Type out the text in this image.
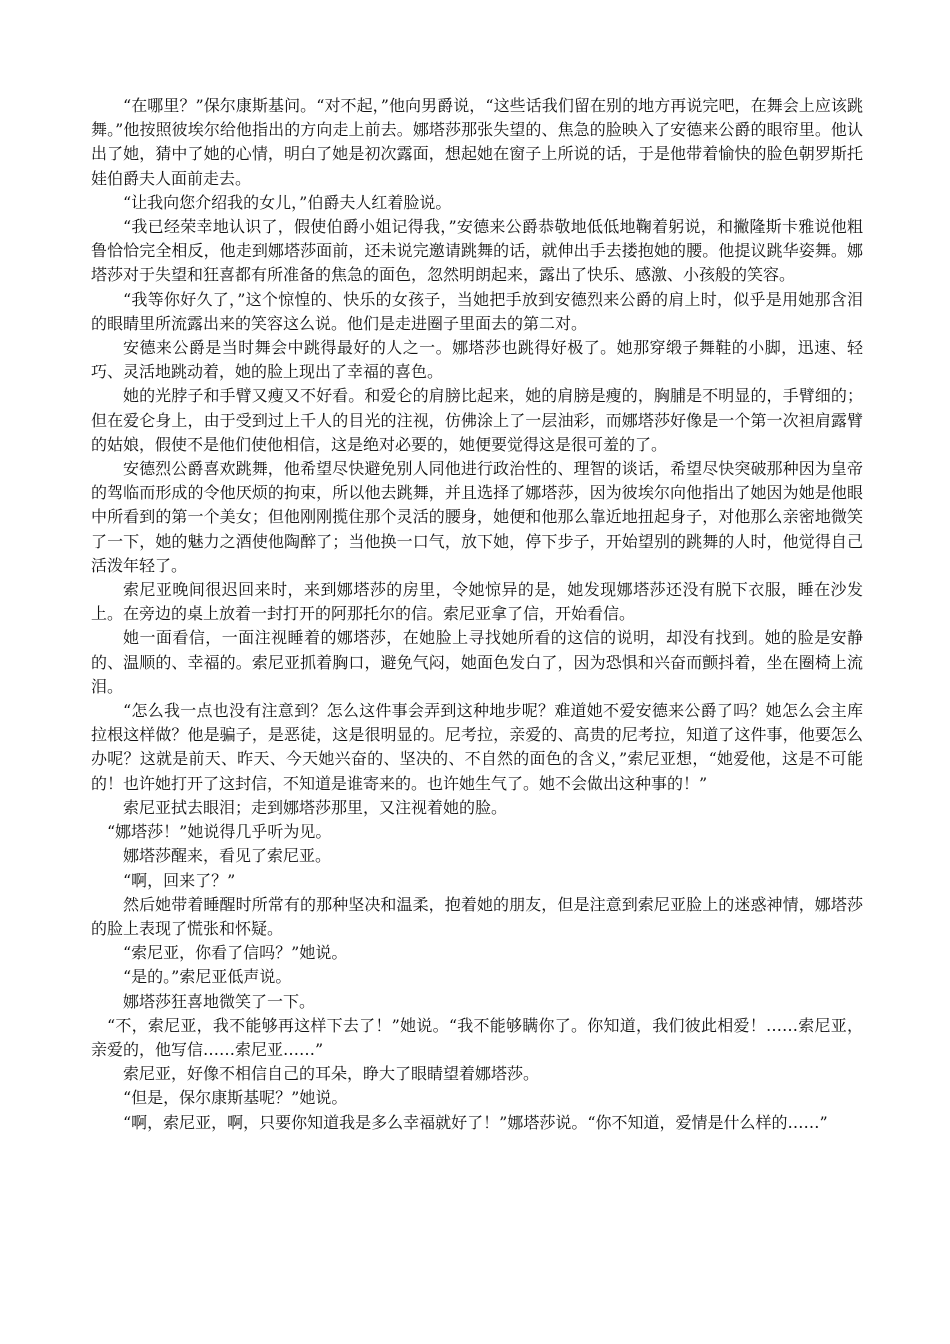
“在哪里？”保尔康斯基问。“对不起，”他向男爵说，“这些话我们留在别的地方再说完吧，在舞会上应该跳舞。”他按照彼埃尔给他指出的方向走上前去。娜塔莎那张失望的、焦急的脸映入了安德来公爵的眼帘里。他认出了她，猜中了她的心情，明白了她是初次露面，想起她在窗子上所说的话，于是他带着愉快的脸色朝罗斯托娃伯爵夫人面前走去。

“让我向您介绍我的女儿，”伯爵夫人红着脸说。

“我已经荣幸地认识了，假使伯爵小姐记得我，”安德来公爵恭敬地低低地鞠着躬说，和撇隆斯卡雅说他粗鲁恰恰完全相反，他走到娜塔莎面前，还未说完邀请跳舞的话，就伸出手去搂抱她的腰。他提议跳华姿舞。娜塔莎对于失望和狂喜都有所准备的焦急的面色，忽然明朗起来，露出了快乐、感激、小孩般的笑容。

“我等你好久了，”这个惊惶的、快乐的女孩子，当她把手放到安德烈来公爵的肩上时，似乎是用她那含泪的眼睛里所流露出来的笑容这么说。他们是走进圈子里面去的第二对。

安德来公爵是当时舞会中跳得最好的人之一。娜塔莎也跳得好极了。她那穿缎子舞鞋的小脚，迅速、轻巧、灵活地跳动着，她的脸上现出了幸福的喜色。

她的光脖子和手臂又瘦又不好看。和爱仑的肩膀比起来，她的肩膀是瘦的，胸脯是不明显的，手臂细的；但在爱仑身上，由于受到过上千人的目光的注视，仿佛涂上了一层油彩，而娜塔莎好像是一个第一次袒肩露臂的姑娘，假使不是他们使他相信，这是绝对必要的，她便要觉得这是很可羞的了。

安德烈公爵喜欢跳舞，他希望尽快避免别人同他进行政治性的、理智的谈话，希望尽快突破那种因为皇帝的驾临而形成的令他厌烦的拘束，所以他去跳舞，并且选择了娜塔莎，因为彼埃尔向他指出了她因为她是他眼中所看到的第一个美女；但他刚刚揽住那个灵活的腰身，她便和他那么靠近地扭起身子，对他那么亲密地微笑了一下，她的魅力之酒使他陶醉了；当他换一口气，放下她，停下步子，开始望别的跳舞的人时，他觉得自己活泼年轻了。

索尼亚晚间很迟回来时，来到娜塔莎的房里，令她惊异的是，她发现娜塔莎还没有脱下衣服，睡在沙发上。在旁边的桌上放着一封打开的阿那托尔的信。索尼亚拿了信，开始看信。

她一面看信，一面注视睡着的娜塔莎，在她脸上寻找她所看的这信的说明，却没有找到。她的脸是安静的、温顺的、幸福的。索尼亚抓着胸口，避免气闷，她面色发白了，因为恐惧和兴奋而颤抖着，坐在圈椅上流泪。

“怎么我一点也没有注意到？怎么这件事会弄到这种地步呢？难道她不爱安德来公爵了吗？她怎么会主库拉根这样做？他是骗子，是恶徒，这是很明显的。尼考拉，亲爱的、高贵的尼考拉，知道了这件事，他要怎么办呢？这就是前天、昨天、今天她兴奋的、坚决的、不自然的面色的含义，”索尼亚想，“她爱他，这是不可能的！也许她打开了这封信，不知道是谁寄来的。也许她生气了。她不会做出这种事的！”

索尼亚拭去眼泪；走到娜塔莎那里，又注视着她的脸。

“娜塔莎！”她说得几乎听为见。

娜塔莎醒来，看见了索尼亚。

“啊，回来了？”

然后她带着睡醒时所常有的那种坚决和温柔，抱着她的朋友，但是注意到索尼亚脸上的迷惑神情，娜塔莎的脸上表现了慌张和怀疑。

“索尼亚，你看了信吗？”她说。

“是的。”索尼亚低声说。

娜塔莎狂喜地微笑了一下。

“不，索尼亚，我不能够再这样下去了！”她说。“我不能够瞒你了。你知道，我们彼此相爱！……索尼亚，亲爱的，他写信……索尼亚……”

索尼亚，好像不相信自己的耳朵，睁大了眼睛望着娜塔莎。

“但是，保尔康斯基呢？”她说。

“啊，索尼亚，啊，只要你知道我是多么幸福就好了！”娜塔莎说。“你不知道，爱情是什么样的……”
